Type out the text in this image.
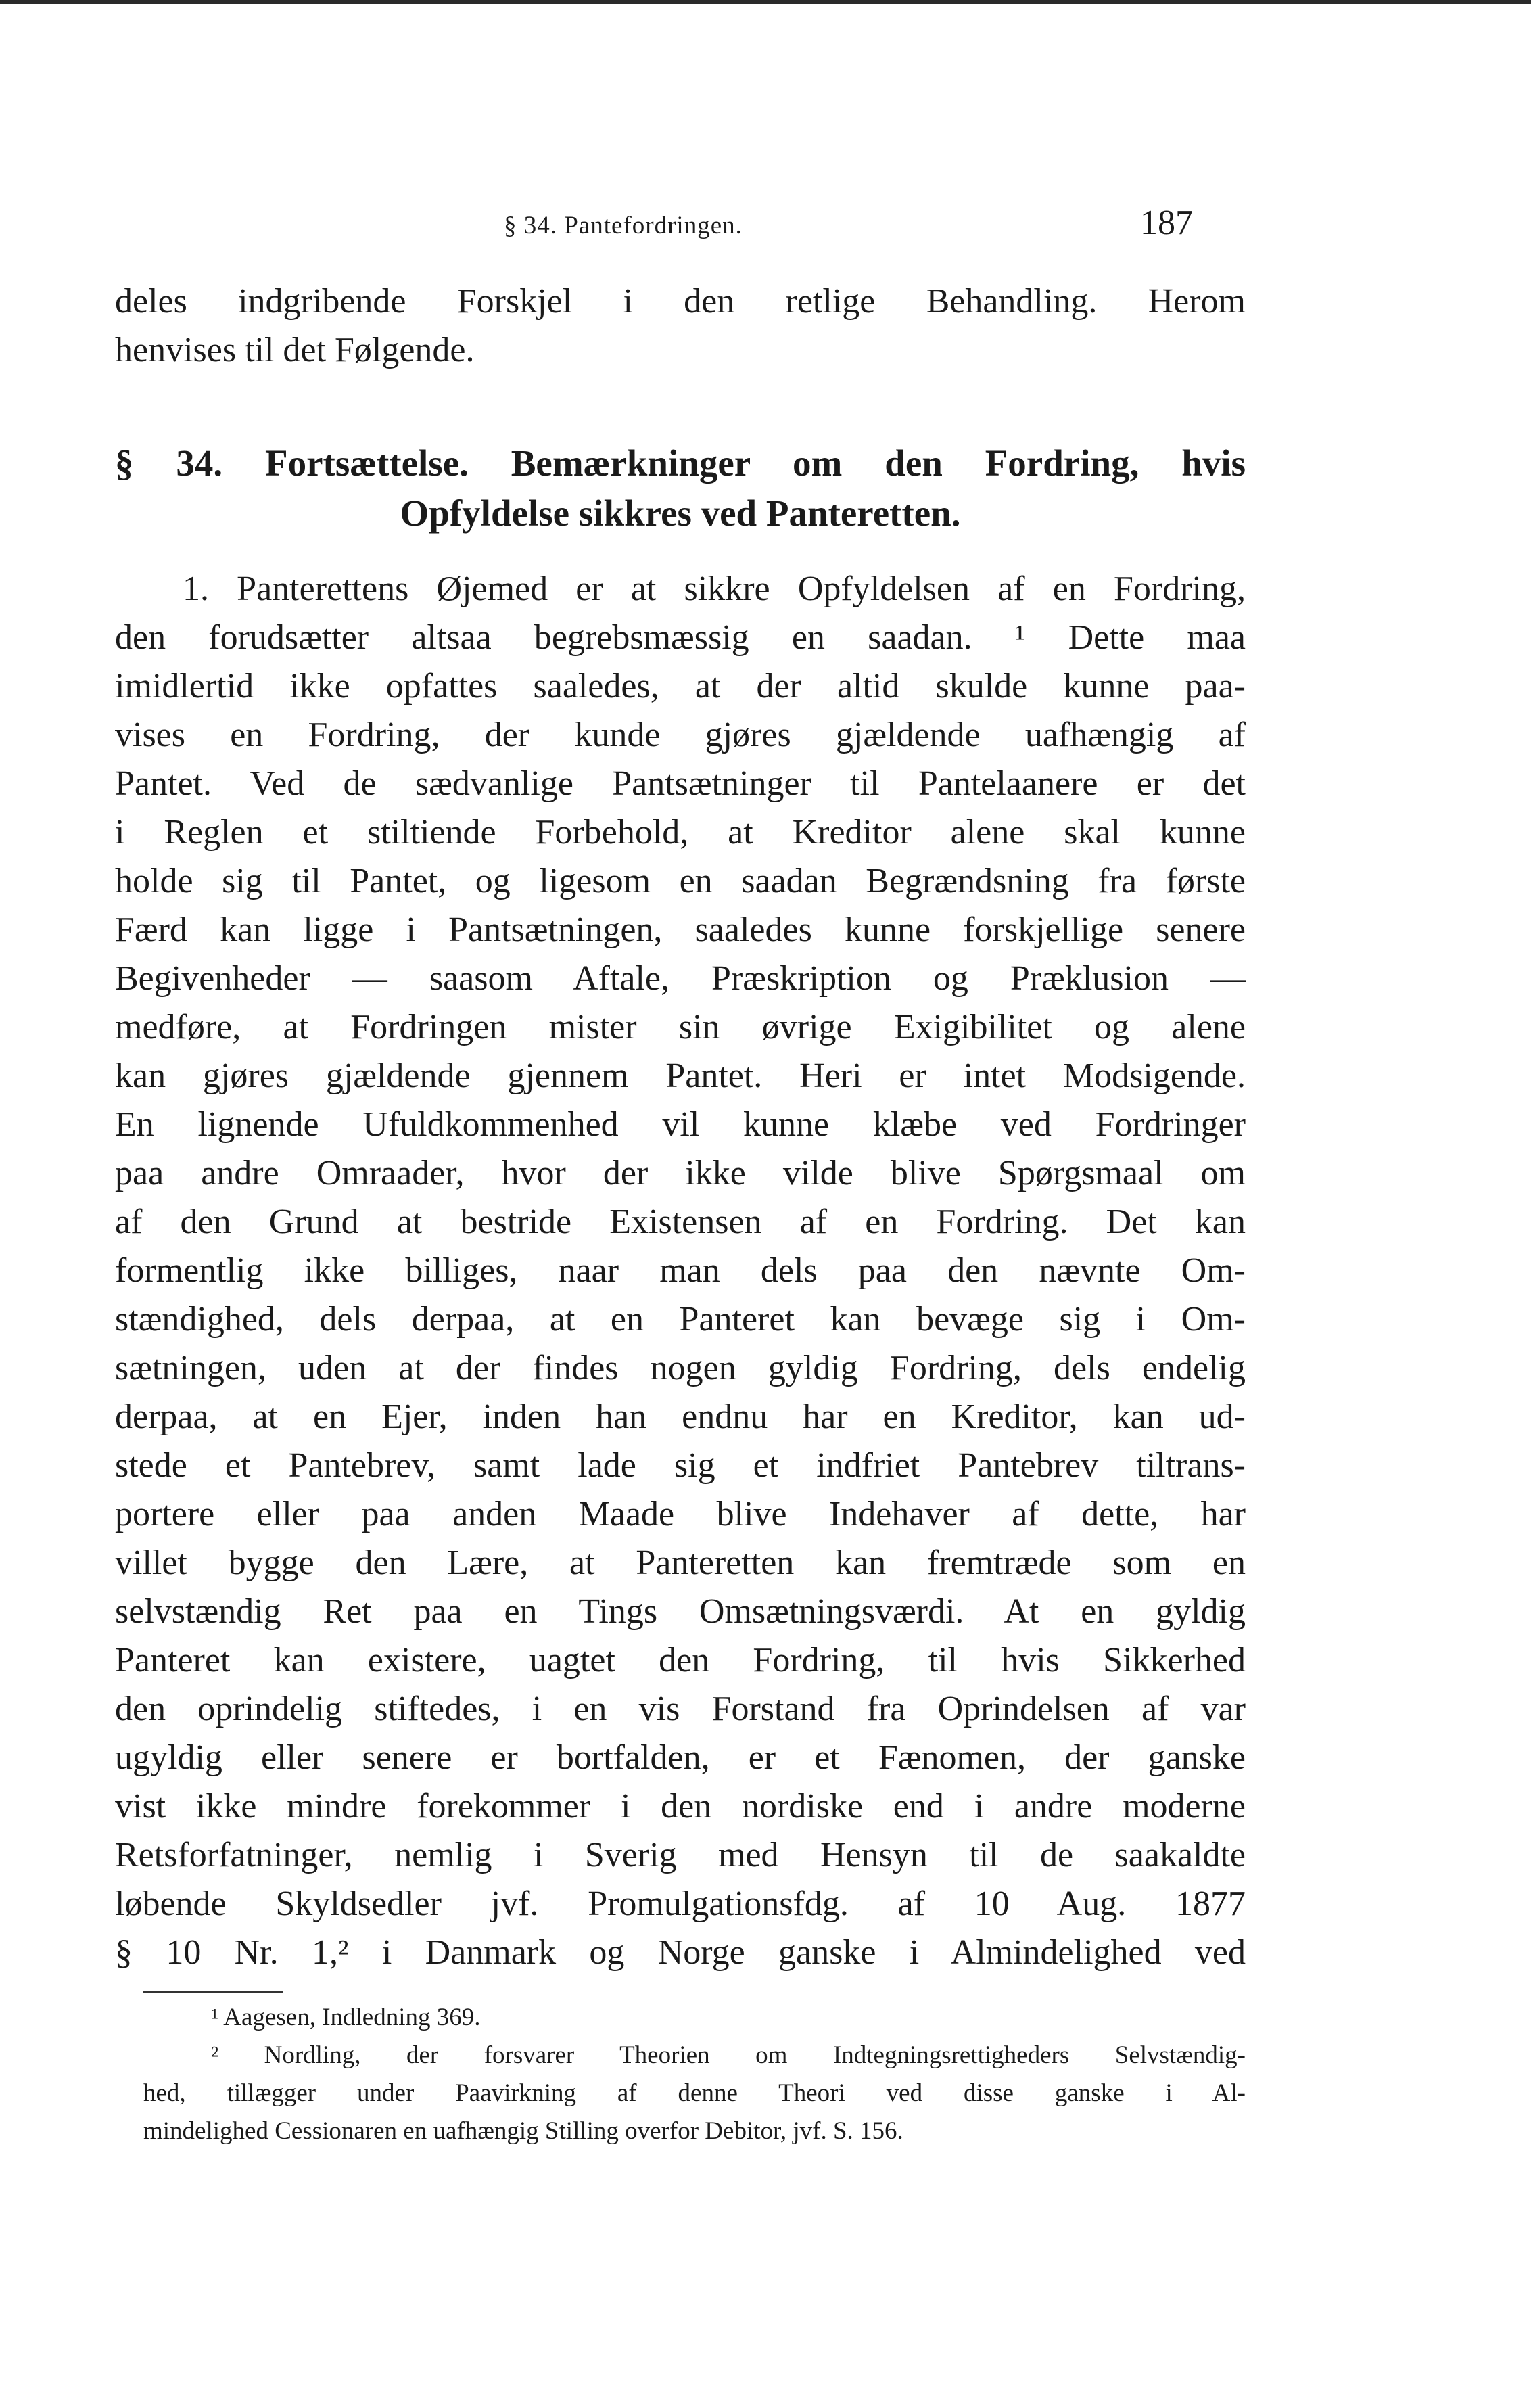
§ 34. Pantefordringen.	187
deles indgribende Forskjel i den retlige Behandling. Herom
henvises til det Følgende.
§ 34. Fortsættelse. Bemærkninger om den Fordring, hvis
Opfyldelse sikkres ved Panteretten.
1. Panterettens Øjemed er at sikkre Opfyldelsen af en Fordring,
den forudsætter altsaa begrebsmæssig en saadan. ¹ Dette maa
imidlertid ikke opfattes saaledes, at der altid skulde kunne paa-
vises en Fordring, der kunde gjøres gjældende uafhængig af
Pantet. Ved de sædvanlige Pantsætninger til Pantelaanere er det
i Reglen et stiltiende Forbehold, at Kreditor alene skal kunne
holde sig til Pantet, og ligesom en saadan Begrændsning fra første
Færd kan ligge i Pantsætningen, saaledes kunne forskjellige senere
Begivenheder — saasom Aftale, Præskription og Præklusion —
medføre, at Fordringen mister sin øvrige Exigibilitet og alene
kan gjøres gjældende gjennem Pantet. Heri er intet Modsigende.
En lignende Ufuldkommenhed vil kunne klæbe ved Fordringer
paa andre Omraader, hvor der ikke vilde blive Spørgsmaal om
af den Grund at bestride Existensen af en Fordring. Det kan
formentlig ikke billiges, naar man dels paa den nævnte Om-
stændighed, dels derpaa, at en Panteret kan bevæge sig i Om-
sætningen, uden at der findes nogen gyldig Fordring, dels endelig
derpaa, at en Ejer, inden han endnu har en Kreditor, kan ud-
stede et Pantebrev, samt lade sig et indfriet Pantebrev tiltrans-
portere eller paa anden Maade blive Indehaver af dette, har
villet bygge den Lære, at Panteretten kan fremtræde som en
selvstændig Ret paa en Tings Omsætningsværdi. At en gyldig
Panteret kan existere, uagtet den Fordring, til hvis Sikkerhed
den oprindelig stiftedes, i en vis Forstand fra Oprindelsen af var
ugyldig eller senere er bortfalden, er et Fænomen, der ganske
vist ikke mindre forekommer i den nordiske end i andre moderne
Retsforfatninger, nemlig i Sverig med Hensyn til de saakaldte
løbende Skyldsedler jvf. Promulgationsfdg. af 10 Aug. 1877
§ 10 Nr. 1,² i Danmark og Norge ganske i Almindelighed ved
¹ Aagesen, Indledning 369.
² Nordling, der forsvarer Theorien om Indtegningsrettigheders Selvstændig-
hed, tillægger under Paavirkning af denne Theori ved disse ganske i Al-
mindelighed Cessionaren en uafhængig Stilling overfor Debitor, jvf. S. 156.
